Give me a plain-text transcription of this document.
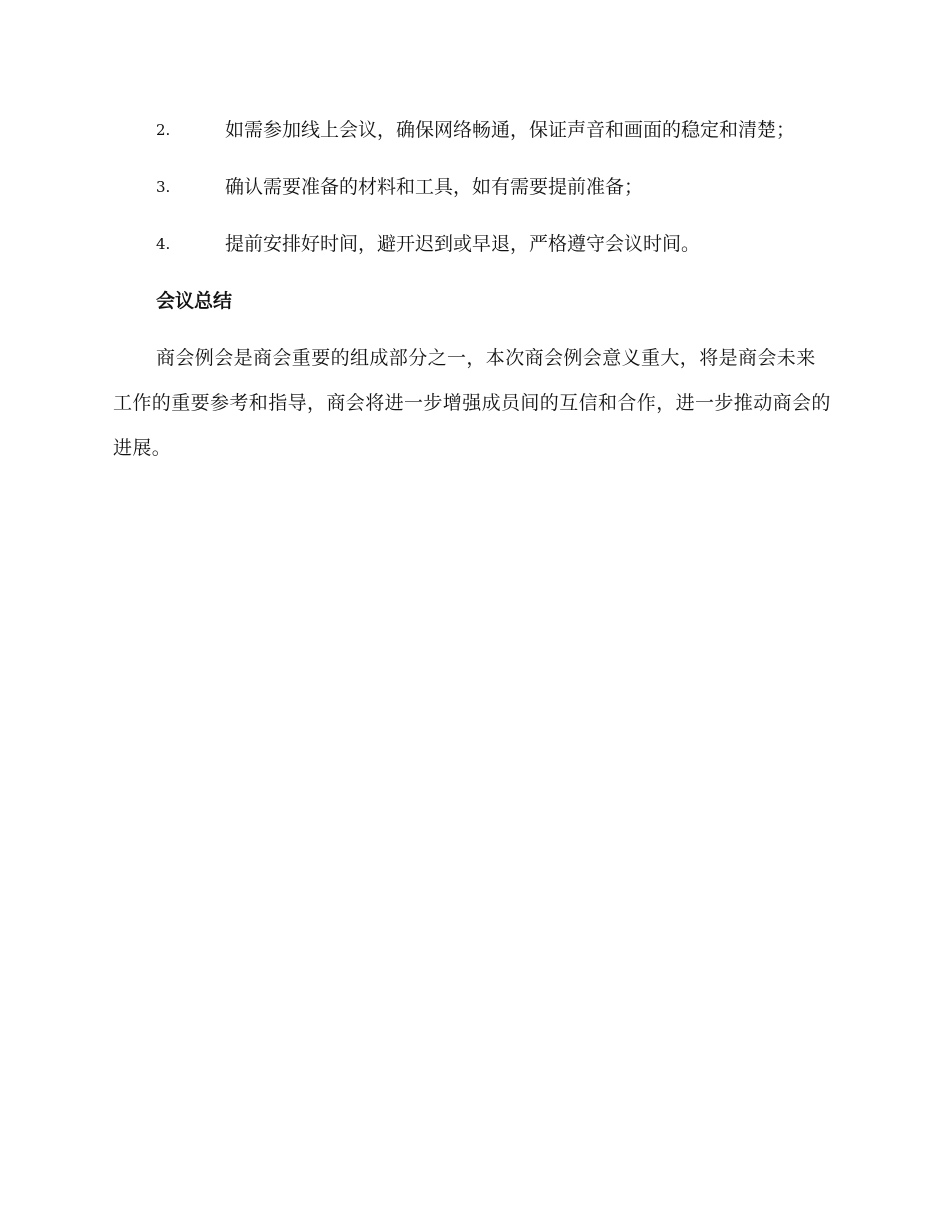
2.	如需参加线上会议，确保网络畅通，保证声音和画面的稳定和清楚；
3.	确认需要准备的材料和工具，如有需要提前准备；
4.	提前安排好时间，避开迟到或早退，严格遵守会议时间。
会议总结
商会例会是商会重要的组成部分之一，本次商会例会意义重大，将是商会未来工作的重要参考和指导，商会将进一步增强成员间的互信和合作，进一步推动商会的进展。
